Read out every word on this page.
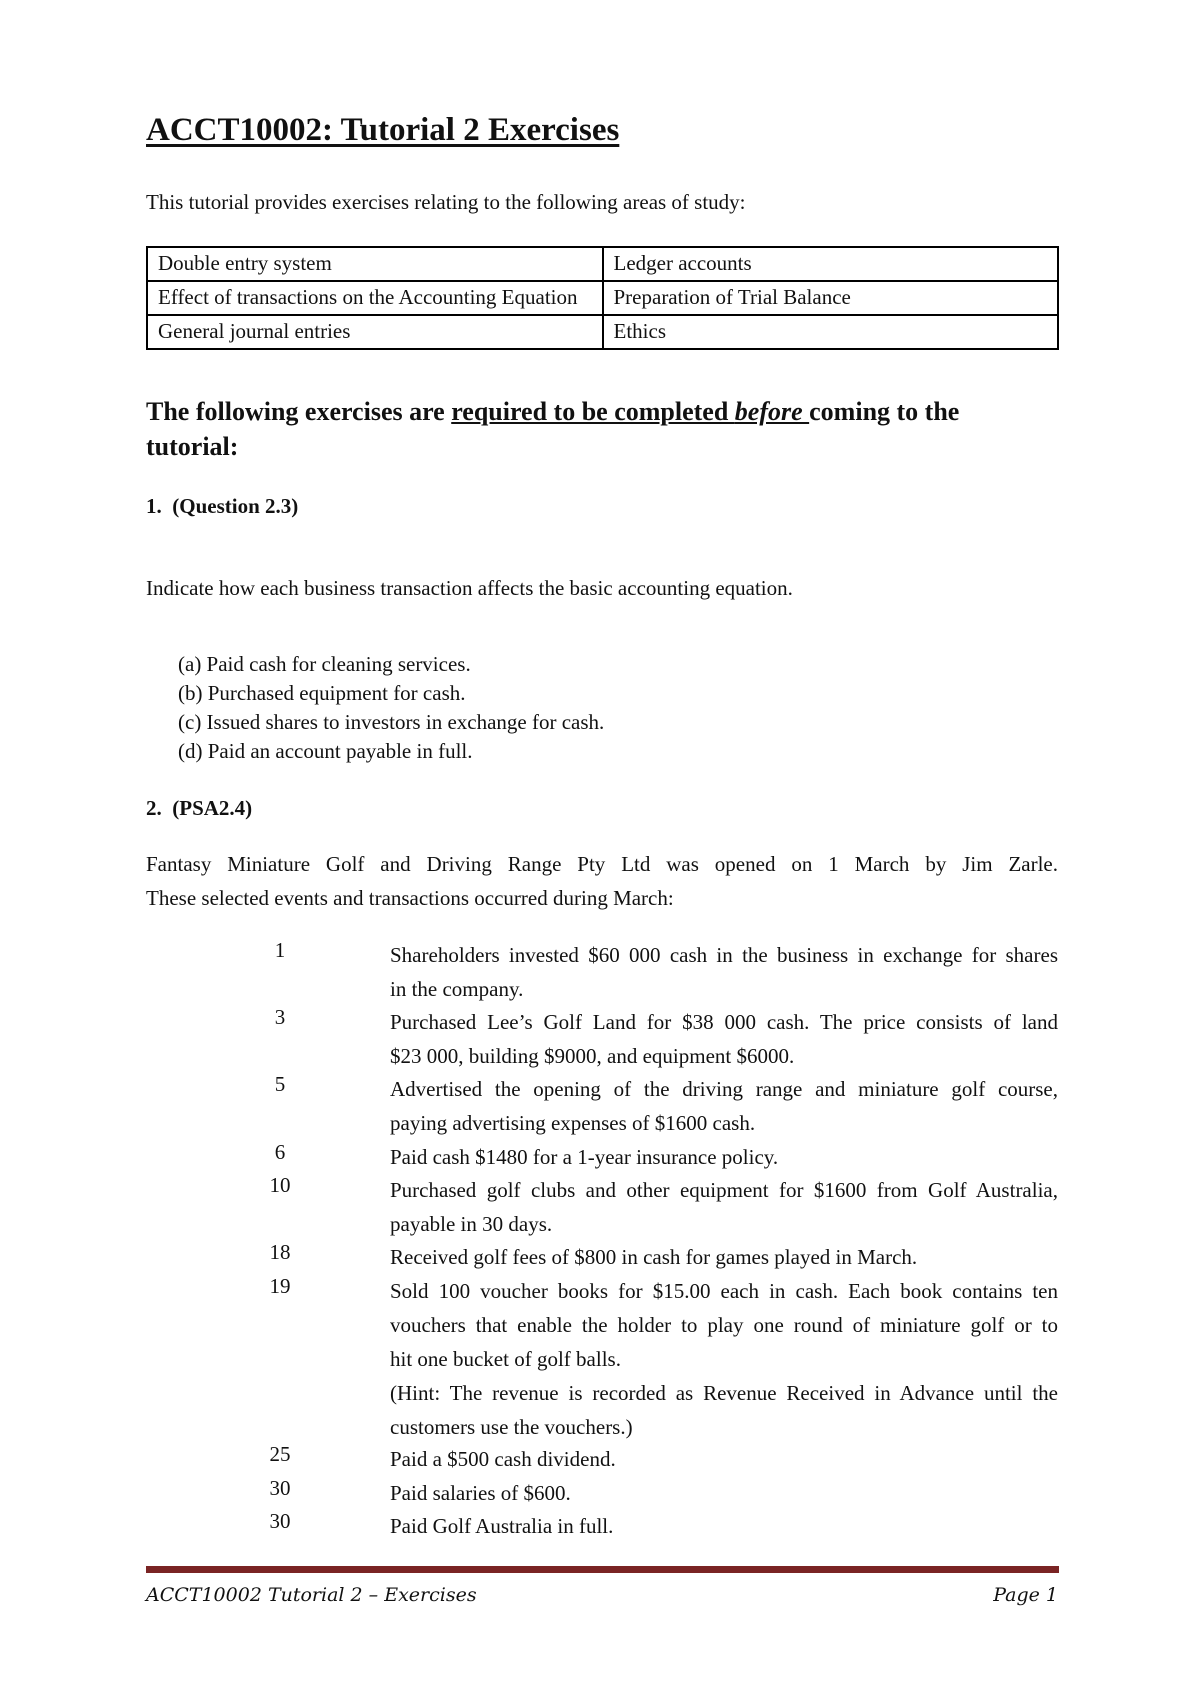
ACCT10002: Tutorial 2 Exercises
This tutorial provides exercises relating to the following areas of study:
Double entry system	Ledger accounts
Effect of transactions on the Accounting Equation	Preparation of Trial Balance
General journal entries	Ethics

The following exercises are required to be completed before coming to the tutorial:

1. (Question 2.3)
Indicate how each business transaction affects the basic accounting equation.
(a) Paid cash for cleaning services.
(b) Purchased equipment for cash.
(c) Issued shares to investors in exchange for cash.
(d) Paid an account payable in full.
2. (PSA2.4)
Fantasy Miniature Golf and Driving Range Pty Ltd was opened on 1 March by Jim Zarle.
These selected events and transactions occurred during March:
1	Shareholders invested $60 000 cash in the business in exchange for shares
in the company.
3	Purchased Lee’s Golf Land for $38 000 cash. The price consists of land
$23 000, building $9000, and equipment $6000.
5	Advertised the opening of the driving range and miniature golf course,
paying advertising expenses of $1600 cash.
6	Paid cash $1480 for a 1-year insurance policy.
10	Purchased golf clubs and other equipment for $1600 from Golf Australia,
payable in 30 days.
18	Received golf fees of $800 in cash for games played in March.
19	Sold 100 voucher books for $15.00 each in cash. Each book contains ten
vouchers that enable the holder to play one round of miniature golf or to
hit one bucket of golf balls.
(Hint: The revenue is recorded as Revenue Received in Advance until the
customers use the vouchers.)
25	Paid a $500 cash dividend.
30	Paid salaries of $600.
30	Paid Golf Australia in full.
ACCT10002 Tutorial 2 – Exercises	Page 1
